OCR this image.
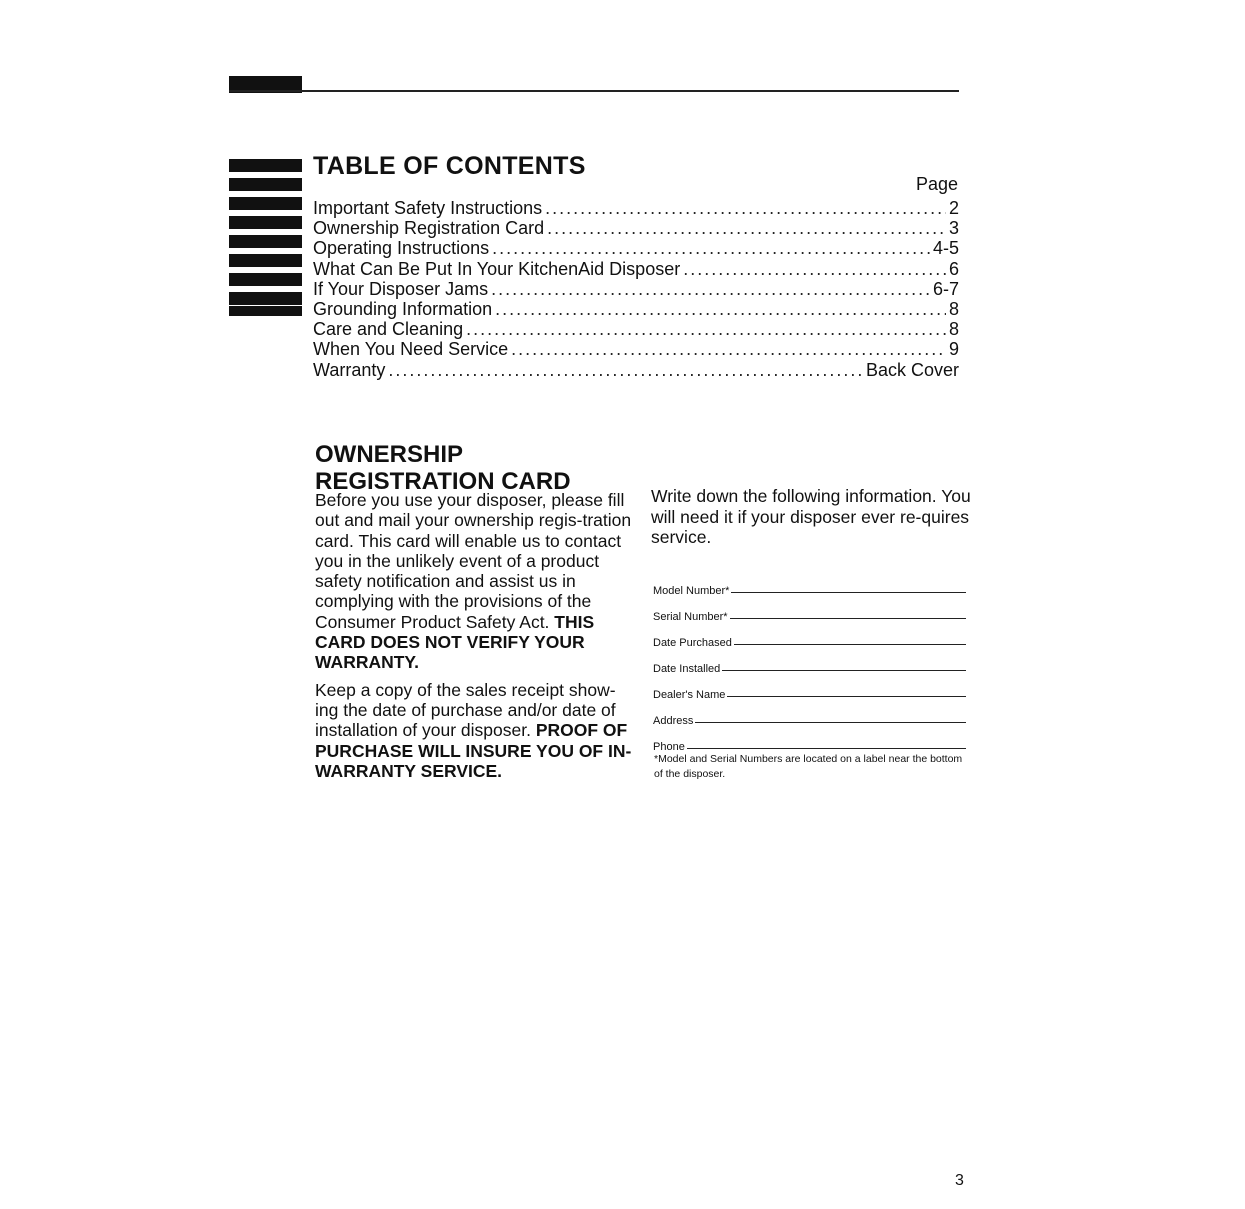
TABLE OF CONTENTS
Page
Important Safety Instructions .....	2
Ownership Registration Card .....	3
Operating Instructions .....	4-5
What Can Be Put In Your KitchenAid Disposer .....	6
If Your Disposer Jams .....	6-7
Grounding Information .....	8
Care and Cleaning .....	8
When You Need Service .....	9
Warranty .....	Back Cover
OWNERSHIP
REGISTRATION CARD

Before you use your disposer, please fill out and mail your ownership regis-tration card. This card will enable us to contact you in the unlikely event of a product safety notification and assist us in complying with the provisions of the Consumer Product Safety Act. THIS CARD DOES NOT VERIFY YOUR WARRANTY.

Keep a copy of the sales receipt show-ing the date of purchase and/or date of installation of your disposer. PROOF OF PURCHASE WILL INSURE YOU OF IN-WARRANTY SERVICE.

Write down the following information. You will need it if your disposer ever re-quires service.

Model Number*
Serial Number*
Date Purchased
Date Installed
Dealer's Name
Address
Phone

*Model and Serial Numbers are located on a label near the bottom of the disposer.

3
